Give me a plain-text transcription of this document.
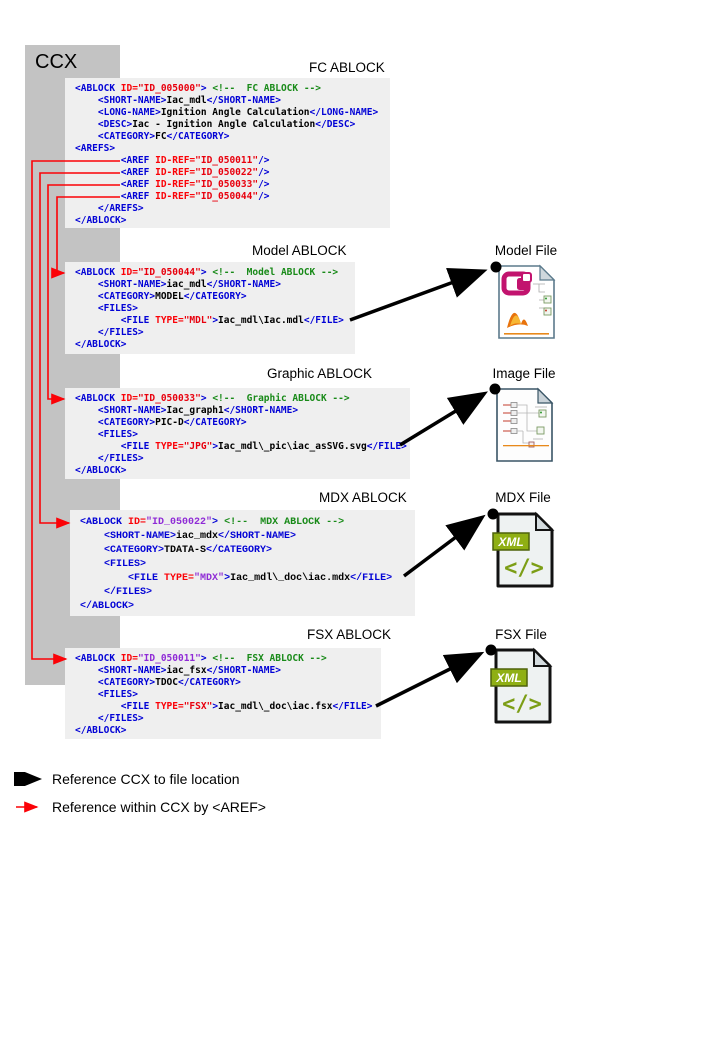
CCX	FC ABLOCK
Model ABLOCK
Graphic ABLOCK
MDX ABLOCK
FSX ABLOCK
<ABLOCK ID="ID_005000"> <!--  FC ABLOCK -->
<SHORT-NAME>Iac_mdl</SHORT-NAME>
<LONG-NAME>Ignition Angle Calculation</LONG-NAME>
<DESC>Iac - Ignition Angle Calculation</DESC>
<CATEGORY>FC</CATEGORY>
<AREFS>
<AREF ID-REF="ID_050011"/>
<AREF ID-REF="ID_050022"/>
<AREF ID-REF="ID_050033"/>
<AREF ID-REF="ID_050044"/>
</AREFS>
</ABLOCK>
<ABLOCK ID="ID_050044"> <!--  Model ABLOCK -->
<SHORT-NAME>iac_mdl</SHORT-NAME>
<CATEGORY>MODEL</CATEGORY>
<FILES>
<FILE TYPE="MDL">Iac_mdl\Iac.mdl</FILE>
</FILES>
</ABLOCK>
<ABLOCK ID="ID_050033"> <!--  Graphic ABLOCK -->
<SHORT-NAME>Iac_graph1</SHORT-NAME>
<CATEGORY>PIC-D</CATEGORY>
<FILES>
<FILE TYPE="JPG">Iac_mdl\_pic\iac_asSVG.svg</FILE>
</FILES>
</ABLOCK>
<ABLOCK ID="ID_050022"> <!--  MDX ABLOCK -->
<SHORT-NAME>iac_mdx</SHORT-NAME>
<CATEGORY>TDATA-S</CATEGORY>
<FILES>
<FILE TYPE="MDX">Iac_mdl\_doc\iac.mdx</FILE>
</FILES>
</ABLOCK>
<ABLOCK ID="ID_050011"> <!--  FSX ABLOCK -->
<SHORT-NAME>iac_fsx</SHORT-NAME>
<CATEGORY>TDOC</CATEGORY>
<FILES>
<FILE TYPE="FSX">Iac_mdl\_doc\iac.fsx</FILE>
</FILES>
</ABLOCK>
Model File
Image File
MDX File
FSX File
XML
</>
XML
</>
Reference CCX to file location
Reference within CCX by <AREF>
